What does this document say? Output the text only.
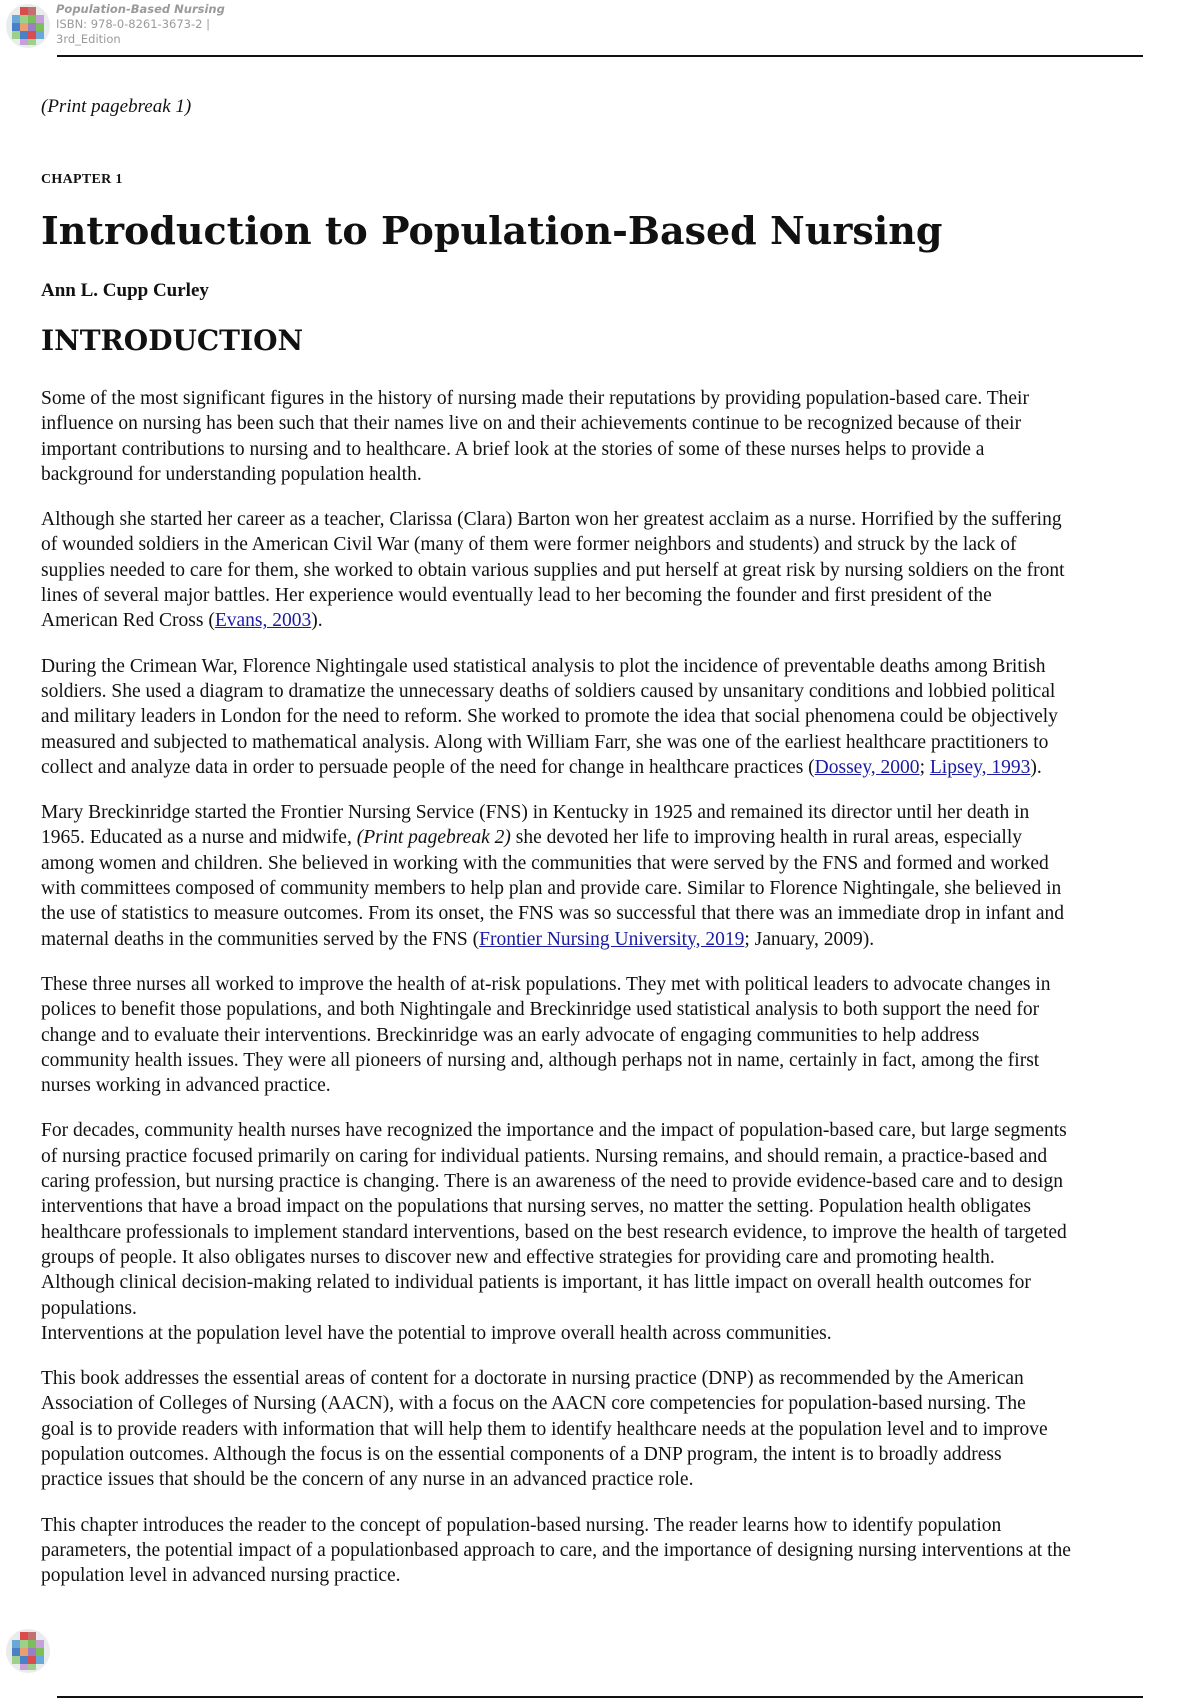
Population-Based Nursing
ISBN: 978-0-8261-3673-2 |
3rd_Edition

(Print pagebreak 1)

CHAPTER 1

Introduction to Population-Based Nursing

Ann L. Cupp Curley

INTRODUCTION

Some of the most significant figures in the history of nursing made their reputations by providing population-based care. Their
influence on nursing has been such that their names live on and their achievements continue to be recognized because of their
important contributions to nursing and to healthcare. A brief look at the stories of some of these nurses helps to provide a
background for understanding population health.

Although she started her career as a teacher, Clarissa (Clara) Barton won her greatest acclaim as a nurse. Horrified by the suffering
of wounded soldiers in the American Civil War (many of them were former neighbors and students) and struck by the lack of
supplies needed to care for them, she worked to obtain various supplies and put herself at great risk by nursing soldiers on the front
lines of several major battles. Her experience would eventually lead to her becoming the founder and first president of the
American Red Cross (Evans, 2003).

During the Crimean War, Florence Nightingale used statistical analysis to plot the incidence of preventable deaths among British
soldiers. She used a diagram to dramatize the unnecessary deaths of soldiers caused by unsanitary conditions and lobbied political
and military leaders in London for the need to reform. She worked to promote the idea that social phenomena could be objectively
measured and subjected to mathematical analysis. Along with William Farr, she was one of the earliest healthcare practitioners to
collect and analyze data in order to persuade people of the need for change in healthcare practices (Dossey, 2000; Lipsey, 1993).

Mary Breckinridge started the Frontier Nursing Service (FNS) in Kentucky in 1925 and remained its director until her death in
1965. Educated as a nurse and midwife, (Print pagebreak 2) she devoted her life to improving health in rural areas, especially
among women and children. She believed in working with the communities that were served by the FNS and formed and worked
with committees composed of community members to help plan and provide care. Similar to Florence Nightingale, she believed in
the use of statistics to measure outcomes. From its onset, the FNS was so successful that there was an immediate drop in infant and
maternal deaths in the communities served by the FNS (Frontier Nursing University, 2019; January, 2009).

These three nurses all worked to improve the health of at-risk populations. They met with political leaders to advocate changes in
polices to benefit those populations, and both Nightingale and Breckinridge used statistical analysis to both support the need for
change and to evaluate their interventions. Breckinridge was an early advocate of engaging communities to help address
community health issues. They were all pioneers of nursing and, although perhaps not in name, certainly in fact, among the first
nurses working in advanced practice.

For decades, community health nurses have recognized the importance and the impact of population-based care, but large segments
of nursing practice focused primarily on caring for individual patients. Nursing remains, and should remain, a practice-based and
caring profession, but nursing practice is changing. There is an awareness of the need to provide evidence-based care and to design
interventions that have a broad impact on the populations that nursing serves, no matter the setting. Population health obligates
healthcare professionals to implement standard interventions, based on the best research evidence, to improve the health of targeted
groups of people. It also obligates nurses to discover new and effective strategies for providing care and promoting health.
Although clinical decision-making related to individual patients is important, it has little impact on overall health outcomes for
populations.
Interventions at the population level have the potential to improve overall health across communities.

This book addresses the essential areas of content for a doctorate in nursing practice (DNP) as recommended by the American
Association of Colleges of Nursing (AACN), with a focus on the AACN core competencies for population-based nursing. The
goal is to provide readers with information that will help them to identify healthcare needs at the population level and to improve
population outcomes. Although the focus is on the essential components of a DNP program, the intent is to broadly address
practice issues that should be the concern of any nurse in an advanced practice role.

This chapter introduces the reader to the concept of population-based nursing. The reader learns how to identify population
parameters, the potential impact of a populationbased approach to care, and the importance of designing nursing interventions at the
population level in advanced nursing practice.
